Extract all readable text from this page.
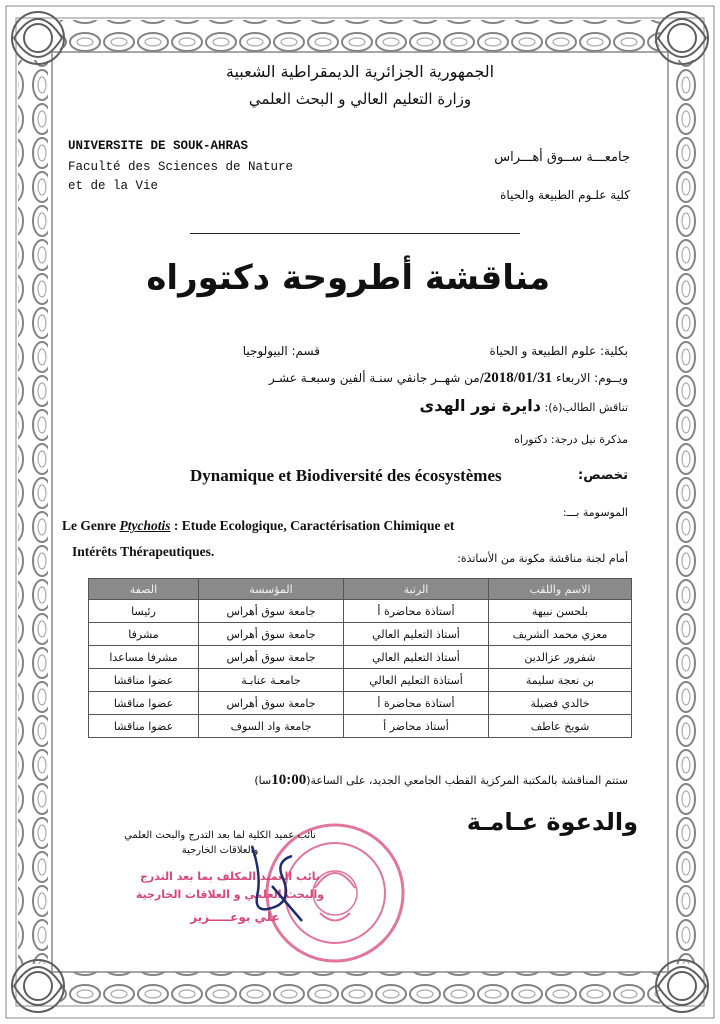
الجمهورية الجزائرية الديمقراطية الشعبية
وزارة التعليم العالي و البحث العلمي
UNIVERSITE DE SOUK-AHRAS
Faculté des Sciences de Nature
et de la Vie
جامعـــة ســوق أهـــراس
كلية علـوم الطبيعة والحياة
مناقشة أطروحة دكتوراه
بكلية: علوم الطبيعة و الحياة
قسم: البيولوجيا
ويــوم: الاربعاء 2018/01/31/من شهــر جانفي سنـة ألفين وسبعـة عشـر
تناقش الطالب(ة): دايرة نور الهدى
مذكرة نيل درجة: دكتوراه
تخصص:
Dynamique et Biodiversité des écosystèmes
الموسومة بـــ:
Le Genre Ptychotis : Etude Ecologique, Caractérisation Chimique et
Intérêts Thérapeutiques.	أمام لجنة مناقشة مكونة من الأساتذة:
الاسم واللقب	الرتبة	المؤسسة	الصفة
بلحسن نبيهة	أستاذة محاضرة أ	جامعة سوق أهراس	رئيسا
معزي محمد الشريف	أستاذ التعليم العالي	جامعة سوق أهراس	مشرفا
شفرور عزالدين	أستاذ التعليم العالي	جامعة سوق أهراس	مشرفا مساعدا
بن نعجة سليمة	أستاذة التعليم العالي	جامعـة عنابـة	عضوا مناقشا
خالدي فضيلة	أستاذة محاضرة أ	جامعة سوق أهراس	عضوا مناقشا
شويخ عاطف	أستاذ محاضر أ	جامعة واد السوف	عضوا مناقشا
ستتم المناقشة بالمكتبة المركزية القطب الجامعي الجديد، على الساعة(10:00سا)
والدعوة عـامـة
نائب عميد الكلية لما بعد التدرج والبحث العلمي
والعلاقات الخارجية
نائب العميد المكلف بما بعد التدرج
والبحث العلمي و العلاقات الخارجية
علي بوعـــــزيز
